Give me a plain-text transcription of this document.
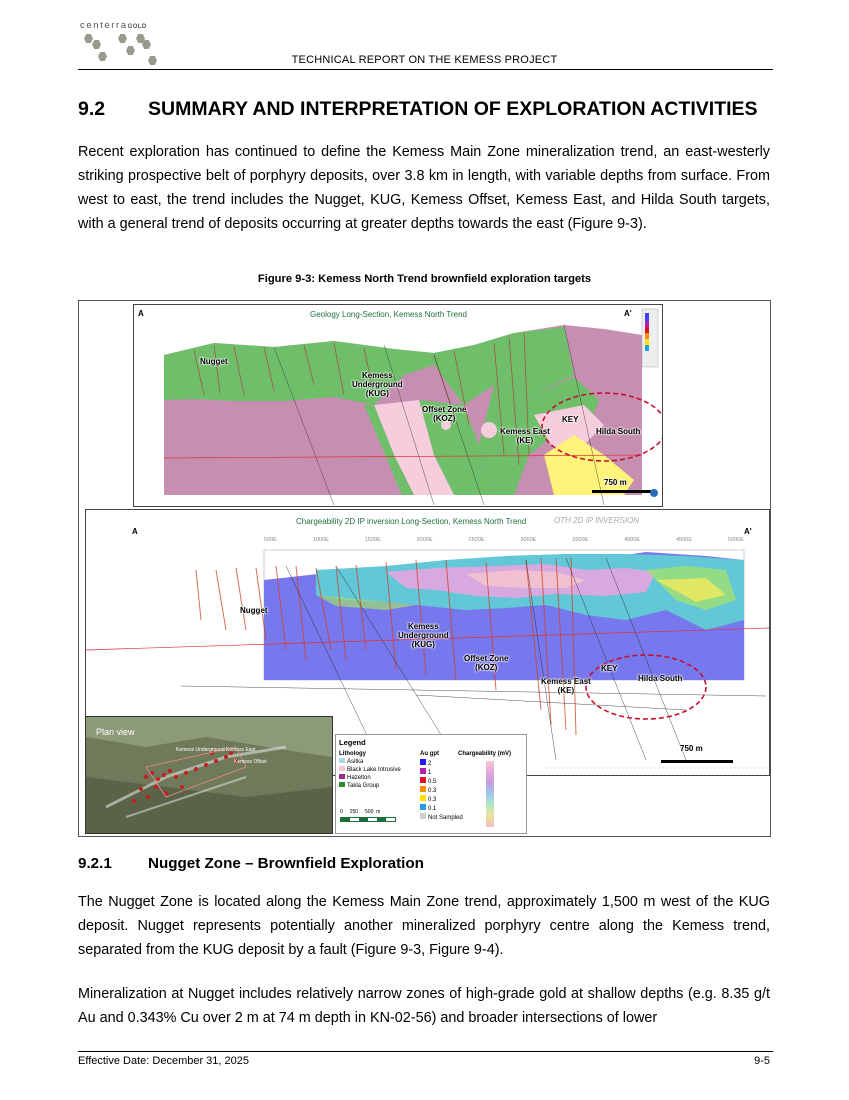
centerraGOLD
TECHNICAL REPORT ON THE KEMESS PROJECT
9.2 SUMMARY AND INTERPRETATION OF EXPLORATION ACTIVITIES
Recent exploration has continued to define the Kemess Main Zone mineralization trend, an east-westerly striking prospective belt of porphyry deposits, over 3.8 km in length, with variable depths from surface. From west to east, the trend includes the Nugget, KUG, Kemess Offset, Kemess East, and Hilda South targets, with a general trend of deposits occurring at greater depths towards the east (Figure 9-3).
Figure 9-3: Kemess North Trend brownfield exploration targets
Geology Long-Section, Kemess North Trend
A	A'
Nugget
Kemess
Underground
(KUG)
Offset Zone
(KOZ)
Kemess East
(KE)
KEY
Hilda South
750 m
Chargeability 2D IP inversion Long-Section, Kemess North Trend	OTH 2D IP INVERSION
A	A'
500E	1000E	1500E	2000E	2500E	3000E	3500E	4000E	4500E	5000E
Nugget
Kemess
Underground
(KUG)
Offset Zone
(KOZ)
Kemess East
(KE)
KEY
Hilda South
750 m
Plan view
Kemess Underground Kemess East
Kemess Offset
Legend
Lithology
Asitka
Black Lake Intrusive
Hazelton
Takla Group
Au gpt
2
1
0.5
0.3
0.3
0.1
Not Sampled
Chargeability (mV)
0     250     500  m
9.2.1 Nugget Zone – Brownfield Exploration
The Nugget Zone is located along the Kemess Main Zone trend, approximately 1,500 m west of the KUG deposit. Nugget represents potentially another mineralized porphyry centre along the Kemess trend, separated from the KUG deposit by a fault (Figure 9-3, Figure 9-4).
Mineralization at Nugget includes relatively narrow zones of high-grade gold at shallow depths (e.g. 8.35 g/t Au and 0.343% Cu over 2 m at 74 m depth in KN-02-56) and broader intersections of lower
Effective Date: December 31, 2025	9-5
